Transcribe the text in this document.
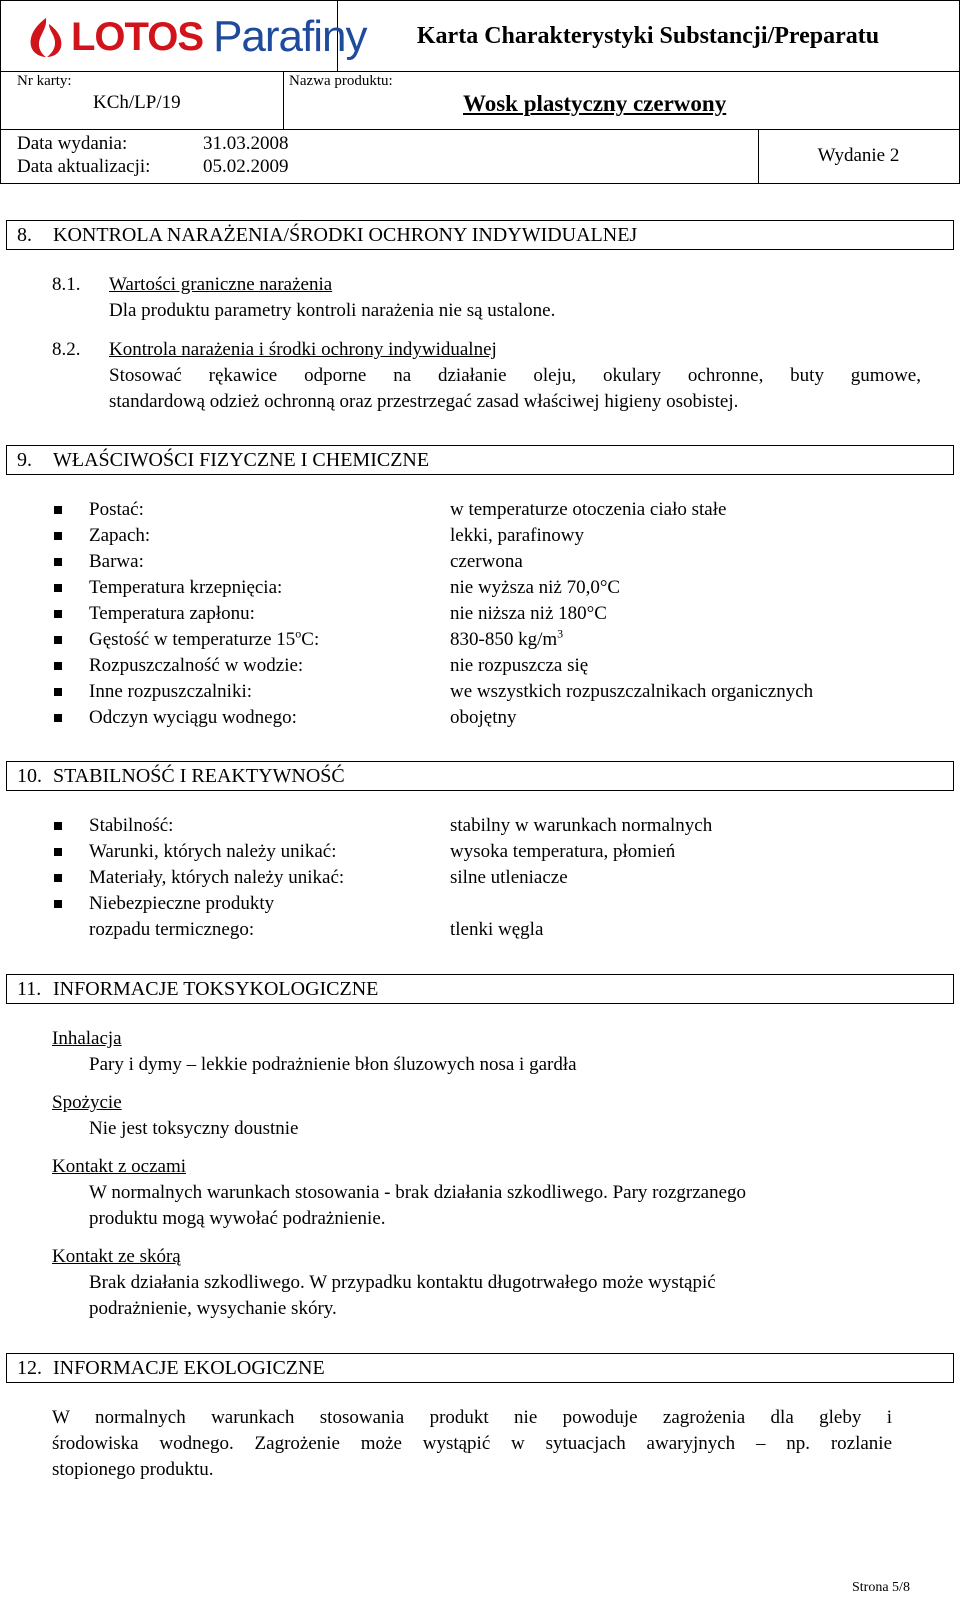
LOTOS Parafiny	Karta Charakterystyki Substancji/Preparatu
Nr karty:
KCh/LP/19
Nazwa produktu:
Wosk plastyczny czerwony
Data wydania:	31.03.2008
Data aktualizacji:	05.02.2009
Wydanie 2
8.	KONTROLA NARAŻENIA/ŚRODKI OCHRONY INDYWIDUALNEJ
8.1. Wartości graniczne narażenia
Dla produktu parametry kontroli narażenia nie są ustalone.
8.2. Kontrola narażenia i środki ochrony indywidualnej
Stosować rękawice odporne na działanie oleju, okulary ochronne, buty gumowe,
standardową odzież ochronną oraz przestrzegać zasad właściwej higieny osobistej.
9.	WŁAŚCIWOŚCI FIZYCZNE I CHEMICZNE
Postać:	w temperaturze otoczenia ciało stałe
Zapach:	lekki, parafinowy
Barwa:	czerwona
Temperatura krzepnięcia:	nie wyższa niż 70,0°C
Temperatura zapłonu:	nie niższa niż 180°C
Gęstość w temperaturze 15$^o$C:	830-850 $kg/m^3$
Rozpuszczalność w wodzie:	nie rozpuszcza się
Inne rozpuszczalniki:	we wszystkich rozpuszczalnikach organicznych
Odczyn wyciągu wodnego:	obojętny
10. STABILNOŚĆ I REAKTYWNOŚĆ
Stabilność:	stabilny w warunkach normalnych
Warunki, których należy unikać:	wysoka temperatura, płomień
Materiały, których należy unikać:	silne utleniacze
Niebezpieczne produkty
rozpadu termicznego:	tlenki węgla
11. INFORMACJE TOKSYKOLOGICZNE
Inhalacja
Pary i dymy – lekkie podrażnienie błon śluzowych nosa i gardła
Spożycie
Nie jest toksyczny doustnie
Kontakt z oczami
W normalnych warunkach stosowania - brak działania szkodliwego. Pary rozgrzanego
produktu mogą wywołać podrażnienie.
Kontakt ze skórą
Brak działania szkodliwego. W przypadku kontaktu długotrwałego może wystąpić
podrażnienie, wysychanie skóry.
12. INFORMACJE EKOLOGICZNE
W normalnych warunkach stosowania produkt nie powoduje zagrożenia dla gleby i
środowiska wodnego. Zagrożenie może wystąpić w sytuacjach awaryjnych – np. rozlanie
stopionego produktu.
Strona 5/8
